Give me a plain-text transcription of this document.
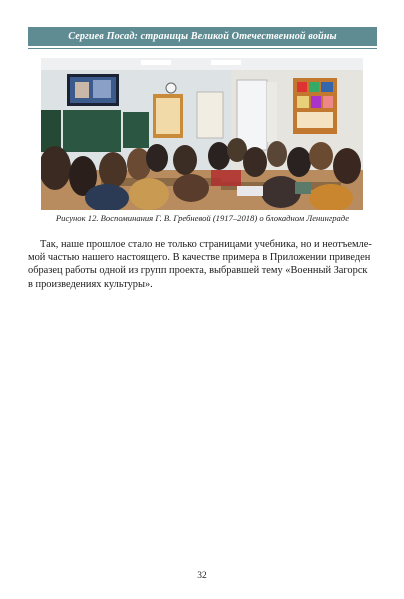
Сергиев Посад: страницы Великой Отечественной войны
Рисунок 12. Воспоминания Г. В. Гребневой (1917–2018) о блокадном Ленинграде
Так, наше прошлое стало не только страницами учебника, но и неотъемле-
мой частью нашего настоящего. В качестве примера в Приложении приведен
образец работы одной из групп проекта, выбравшей тему «Военный Загорск
в произведениях культуры».
32
